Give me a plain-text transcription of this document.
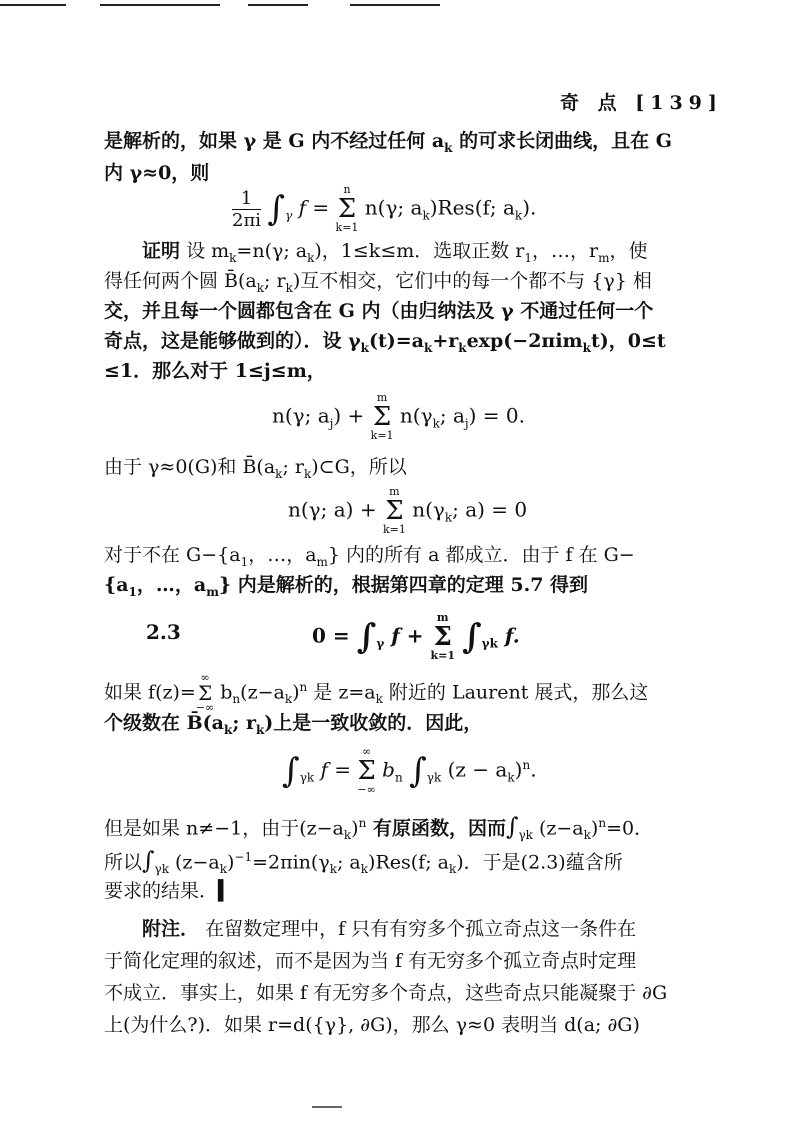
奇 点 [139]
是解析的，如果 γ 是 G 内不经过任何 $a_k$ 的可求长闭曲线，且在 G
内 γ≈0，则
$\frac{1}{2\pi i} \int_\gamma$ f =
n
Σ
k=1
n(γ; $a_k)Res(f$; $a_k$).
证明 设 $m_k=n(\gamma$; $a_k$)，1≤k≤m．选取正数 $r_1$，…，$r_m$，使
得任何两个圆 $B̄(a_k$; $r_k$)互不相交，它们中的每一个都不与 {γ} 相
交，并且每一个圆都包含在 G 内（由归纳法及 γ 不通过任何一个
奇点，这是能够做到的）．设 $\gamma_k(t)=a_k+r_k\exp(-2\pi im_kt)$，0≤t
≤1．那么对于 1≤j≤m，
n(γ; $a_j$) +
m
Σ
k=1
$n(\gamma_k$; $a_j) = 0$.
由于 γ≈0(G)和 $B̄(a_k$; $r_k)\subset G$，所以
n(γ; a) +
m
Σ
k=1
$n(\gamma_k$; a) = 0
对于不在 $G-\{a_1$，…，$a_m$} 内的所有 a 都成立．由于 f 在 G−
{$a_1$，…，$a_m$} 内是解析的，根据第四章的定理 5.7 得到
2.3	$0 = \int_\gamma$ f +
m
Σ
k=1 $\int_{\gamma k}$ f.
如果 f(z)=
∞
Σ
−∞
$b_n(z-a_k)^n$ 是 $z=a_k$ 附近的 Laurent 展式，那么这
个级数在 $B̄(a_k$; $r_k$)上是一致收敛的．因此，
$\int_{\gamma k}$ f =
∞
Σ
−∞
$b_n$ $\int_{\gamma k}$ $(z - a_k)^n$.
但是如果 n≠−1，由于$(z-a_k)^n$ 有原函数，因而$\int_{\gamma k}$ $(z-a_k)^n=0$．
所以$\int_{\gamma k}$ $(z-a_k)^{-1}=2\pi in(\gamma_k$; $a_k)Res(f$; $a_k$)．于是(2.3)蕴含所
要求的结果．▍
附注． 在留数定理中，f 只有有穷多个孤立奇点这一条件在
于简化定理的叙述，而不是因为当 f 有无穷多个孤立奇点时定理
不成立．事实上，如果 f 有无穷多个奇点，这些奇点只能凝聚于 ∂G
上(为什么?)．如果 r=d({γ}, ∂G)，那么 γ≈0 表明当 d(a; ∂G)
